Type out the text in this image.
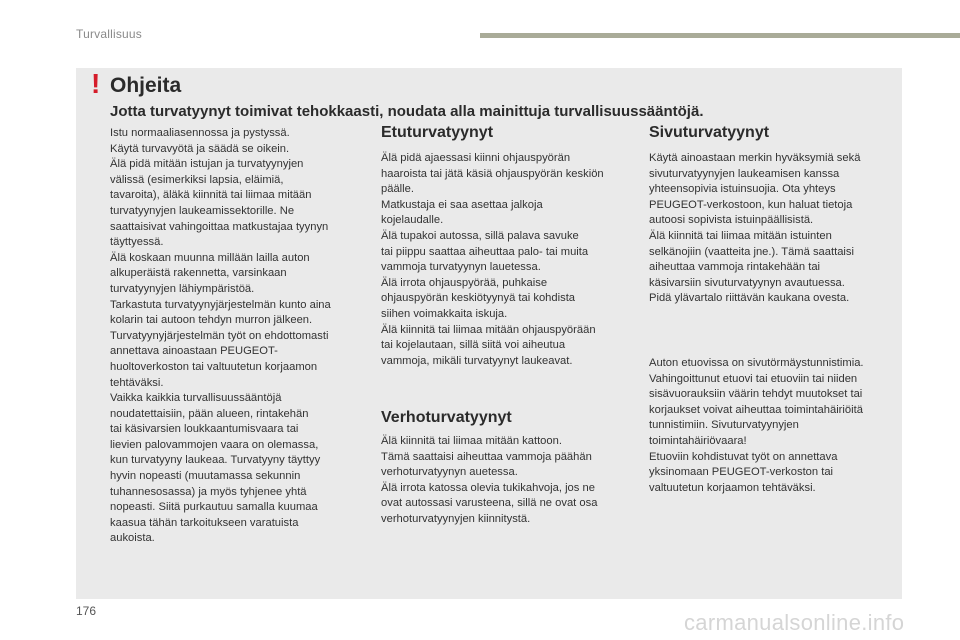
Turvallisuus
! Ohjeita
Jotta turvatyynyt toimivat tehokkaasti, noudata alla mainittuja turvallisuussääntöjä.
Istu normaaliasennossa ja pystyssä.
Käytä turvavyötä ja säädä se oikein.
Älä pidä mitään istujan ja turvatyynyjen
välissä (esimerkiksi lapsia, eläimiä,
tavaroita), äläkä kiinnitä tai liimaa mitään
turvatyynyjen laukeamissektorille. Ne
saattaisivat vahingoittaa matkustajaa tyynyn
täyttyessä.
Älä koskaan muunna millään lailla auton
alkuperäistä rakennetta, varsinkaan
turvatyynyjen lähiympäristöä.
Tarkastuta turvatyynyjärjestelmän kunto aina
kolarin tai autoon tehdyn murron jälkeen.
Turvatyynyjärjestelmän työt on ehdottomasti
annettava ainoastaan PEUGEOT-
huoltoverkoston tai valtuutetun korjaamon
tehtäväksi.
Vaikka kaikkia turvallisuussääntöjä
noudatettaisiin, pään alueen, rintakehän
tai käsivarsien loukkaantumisvaara tai
lievien palovammojen vaara on olemassa,
kun turvatyyny laukeaa. Turvatyyny täyttyy
hyvin nopeasti (muutamassa sekunnin
tuhannesosassa) ja myös tyhjenee yhtä
nopeasti. Siitä purkautuu samalla kuumaa
kaasua tähän tarkoitukseen varatuista
aukoista.
Etuturvatyynyt
Älä pidä ajaessasi kiinni ohjauspyörän
haaroista tai jätä käsiä ohjauspyörän keskiön
päälle.
Matkustaja ei saa asettaa jalkoja
kojelaudalle.
Älä tupakoi autossa, sillä palava savuke
tai piippu saattaa aiheuttaa palo- tai muita
vammoja turvatyynyn lauetessa.
Älä irrota ohjauspyörää, puhkaise
ohjauspyörän keskiötyynyä tai kohdista
siihen voimakkaita iskuja.
Älä kiinnitä tai liimaa mitään ohjauspyörään
tai kojelautaan, sillä siitä voi aiheutua
vammoja, mikäli turvatyynyt laukeavat.
Verhoturvatyynyt
Älä kiinnitä tai liimaa mitään kattoon.
Tämä saattaisi aiheuttaa vammoja päähän
verhoturvatyynyn auetessa.
Älä irrota katossa olevia tukikahvoja, jos ne
ovat autossasi varusteena, sillä ne ovat osa
verhoturvatyynyjen kiinnitystä.
Sivuturvatyynyt
Käytä ainoastaan merkin hyväksymiä sekä
sivuturvatyynyjen laukeamisen kanssa
yhteensopivia istuinsuojia. Ota yhteys
PEUGEOT-verkostoon, kun haluat tietoja
autoosi sopivista istuinpäällisistä.
Älä kiinnitä tai liimaa mitään istuinten
selkänojiin (vaatteita jne.). Tämä saattaisi
aiheuttaa vammoja rintakehään tai
käsivarsiin sivuturvatyynyn avautuessa.
Pidä ylävartalo riittävän kaukana ovesta.
Auton etuovissa on sivutörmäystunnistimia.
Vahingoittunut etuovi tai etuoviin tai niiden
sisävuorauksiin väärin tehdyt muutokset tai
korjaukset voivat aiheuttaa toimintahäiriöitä
tunnistimiin. Sivuturvatyynyjen
toimintahäiriövaara!
Etuoviin kohdistuvat työt on annettava
yksinomaan PEUGEOT-verkoston tai
valtuutetun korjaamon tehtäväksi.
176	carmanualsonline.info
